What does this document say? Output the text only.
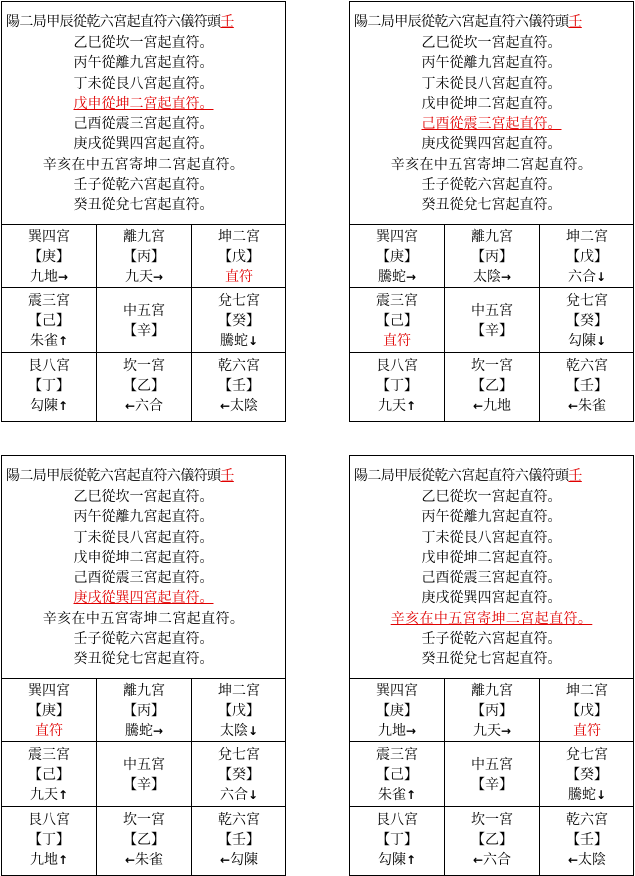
陽二局甲辰從乾六宮起直符六儀符頭壬
乙巳從坎一宮起直符。
丙午從離九宮起直符。
丁未從艮八宮起直符。
戊申從坤二宮起直符。
己酉從震三宮起直符。
庚戌從巽四宮起直符。
辛亥在中五宮寄坤二宮起直符。
壬子從乾六宮起直符。
癸丑從兌七宮起直符。
巽四宮
【庚】
九地→
離九宮
【丙】
九天→
坤二宮
【戊】
直符
震三宮
【己】
朱雀↑
中五宮
【辛】
兌七宮
【癸】
騰蛇↓
艮八宮
【丁】
勾陳↑
坎一宮
【乙】
←六合
乾六宮
【壬】
←太陰
陽二局甲辰從乾六宮起直符六儀符頭壬
乙巳從坎一宮起直符。
丙午從離九宮起直符。
丁未從艮八宮起直符。
戊申從坤二宮起直符。
己酉從震三宮起直符。
庚戌從巽四宮起直符。
辛亥在中五宮寄坤二宮起直符。
壬子從乾六宮起直符。
癸丑從兌七宮起直符。
巽四宮
【庚】
騰蛇→
離九宮
【丙】
太陰→
坤二宮
【戊】
六合↓
震三宮
【己】
直符
中五宮
【辛】
兌七宮
【癸】
勾陳↓
艮八宮
【丁】
九天↑
坎一宮
【乙】
←九地
乾六宮
【壬】
←朱雀
陽二局甲辰從乾六宮起直符六儀符頭壬
乙巳從坎一宮起直符。
丙午從離九宮起直符。
丁未從艮八宮起直符。
戊申從坤二宮起直符。
己酉從震三宮起直符。
庚戌從巽四宮起直符。
辛亥在中五宮寄坤二宮起直符。
壬子從乾六宮起直符。
癸丑從兌七宮起直符。
巽四宮
【庚】
直符
離九宮
【丙】
騰蛇→
坤二宮
【戊】
太陰↓
震三宮
【己】
九天↑
中五宮
【辛】
兌七宮
【癸】
六合↓
艮八宮
【丁】
九地↑
坎一宮
【乙】
←朱雀
乾六宮
【壬】
←勾陳
陽二局甲辰從乾六宮起直符六儀符頭壬
乙巳從坎一宮起直符。
丙午從離九宮起直符。
丁未從艮八宮起直符。
戊申從坤二宮起直符。
己酉從震三宮起直符。
庚戌從巽四宮起直符。
辛亥在中五宮寄坤二宮起直符。
壬子從乾六宮起直符。
癸丑從兌七宮起直符。
巽四宮
【庚】
九地→
離九宮
【丙】
九天→
坤二宮
【戊】
直符
震三宮
【己】
朱雀↑
中五宮
【辛】
兌七宮
【癸】
騰蛇↓
艮八宮
【丁】
勾陳↑
坎一宮
【乙】
←六合
乾六宮
【壬】
←太陰
